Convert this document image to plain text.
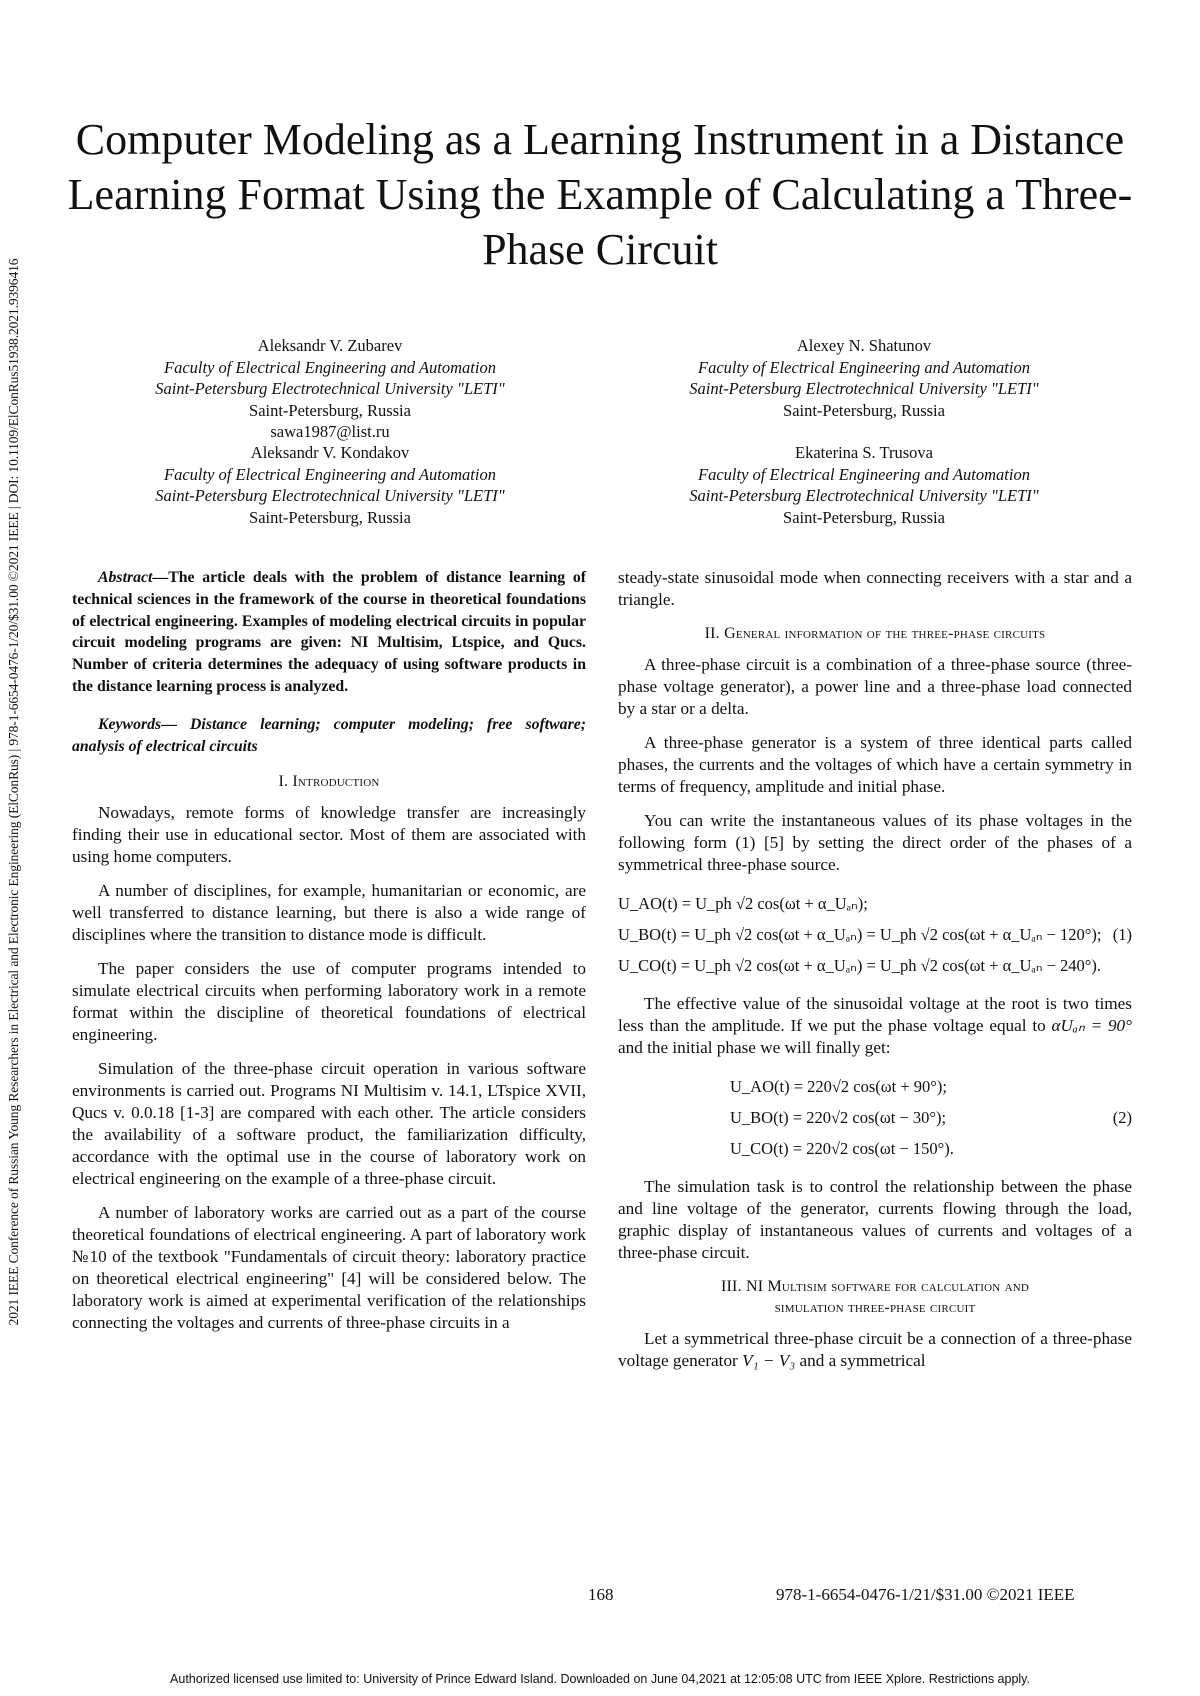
2021 IEEE Conference of Russian Young Researchers in Electrical and Electronic Engineering (ElConRus) | 978-1-6654-0476-1/20/$31.00 ©2021 IEEE | DOI: 10.1109/ElConRus51938.2021.9396416
Computer Modeling as a Learning Instrument in a Distance Learning Format Using the Example of Calculating a Three-Phase Circuit
Aleksandr V. Zubarev

Faculty of Electrical Engineering and Automation
Saint-Petersburg Electrotechnical University "LETI"
Saint-Petersburg, Russia
sawa1987@list.ru
Aleksandr V. Kondakov

Faculty of Electrical Engineering and Automation
Saint-Petersburg Electrotechnical University "LETI"
Saint-Petersburg, Russia
Alexey N. Shatunov

Faculty of Electrical Engineering and Automation
Saint-Petersburg Electrotechnical University "LETI"
Saint-Petersburg, Russia
Ekaterina S. Trusova

Faculty of Electrical Engineering and Automation
Saint-Petersburg Electrotechnical University "LETI"
Saint-Petersburg, Russia

Abstract—The article deals with the problem of distance learning of technical sciences in the framework of the course in theoretical foundations of electrical engineering. Examples of modeling electrical circuits in popular circuit modeling programs are given: NI Multisim, Ltspice, and Qucs. Number of criteria determines the adequacy of using software products in the distance learning process is analyzed.

Keywords— Distance learning; computer modeling; free software; analysis of electrical circuits

I. Introduction

Nowadays, remote forms of knowledge transfer are increasingly finding their use in educational sector. Most of them are associated with using home computers.

A number of disciplines, for example, humanitarian or economic, are well transferred to distance learning, but there is also a wide range of disciplines where the transition to distance mode is difficult.

The paper considers the use of computer programs intended to simulate electrical circuits when performing laboratory work in a remote format within the discipline of theoretical foundations of electrical engineering.

Simulation of the three-phase circuit operation in various software environments is carried out. Programs NI Multisim v. 14.1, LTspice XVII, Qucs v. 0.0.18 [1-3] are compared with each other. The article considers the availability of a software product, the familiarization difficulty, accordance with the optimal use in the course of laboratory work on electrical engineering on the example of a three-phase circuit.

A number of laboratory works are carried out as a part of the course theoretical foundations of electrical engineering. A part of laboratory work №10 of the textbook "Fundamentals of circuit theory: laboratory practice on theoretical electrical engineering" [4] will be considered below. The laboratory work is aimed at experimental verification of the relationships connecting the voltages and currents of three-phase circuits in a

steady-state sinusoidal mode when connecting receivers with a star and a triangle.

II. General information of the three-phase circuits

A three-phase circuit is a combination of a three-phase source (three-phase voltage generator), a power line and a three-phase load connected by a star or a delta.

A three-phase generator is a system of three identical parts called phases, the currents and the voltages of which have a certain symmetry in terms of frequency, amplitude and initial phase.

You can write the instantaneous values of its phase voltages in the following form (1) [5] by setting the direct order of the phases of a symmetrical three-phase source.

U_AO(t) = U_ph √2 cos(ωt + α_Uₐₙ);
U_BO(t) = U_ph √2 cos(ωt + α_Uₐₙ) = U_ph √2 cos(ωt + α_Uₐₙ − 120°); (1)
U_CO(t) = U_ph √2 cos(ωt + α_Uₐₙ) = U_ph √2 cos(ωt + α_Uₐₙ − 240°).

The effective value of the sinusoidal voltage at the root is two times less than the amplitude. If we put the phase voltage equal to αUₐₙ = 90° and the initial phase we will finally get:

U_AO(t) = 220√2 cos(ωt + 90°);
U_BO(t) = 220√2 cos(ωt − 30°);	(2)
U_CO(t) = 220√2 cos(ωt − 150°).

The simulation task is to control the relationship between the phase and line voltage of the generator, currents flowing through the load, graphic display of instantaneous values of currents and voltages of a three-phase circuit.

III. NI Multisim software for calculation and
simulation three-phase circuit

Let a symmetrical three-phase circuit be a connection of a three-phase voltage generator V₁ − V₃ and a symmetrical

168	978-1-6654-0476-1/21/$31.00 ©2021 IEEE
Authorized licensed use limited to: University of Prince Edward Island. Downloaded on June 04,2021 at 12:05:08 UTC from IEEE Xplore. Restrictions apply.
